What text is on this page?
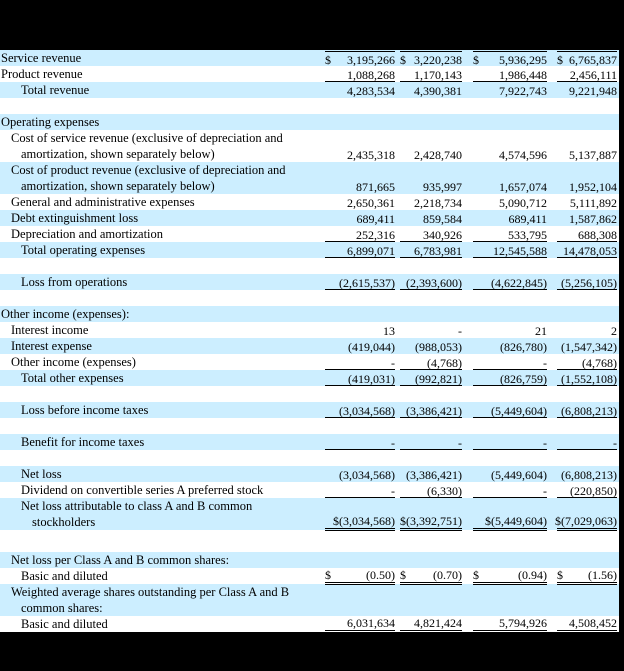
Service revenue	$ 3,195,266 $ 3,220,238 $ 5,936,295 $ 6,765,837
Product revenue	1,088,268 1,170,143	1,986,448 2,456,111
Total revenue	4,283,534 4,390,381	7,922,743 9,221,948
Operating expenses
Cost of service revenue (exclusive of depreciation and
amortization, shown separately below)	2,435,318 2,428,740	4,574,596 5,137,887
Cost of product revenue (exclusive of depreciation and
amortization, shown separately below)	871,665 935,997	1,657,074 1,952,104
General and administrative expenses	2,650,361 2,218,734	5,090,712 5,111,892
Debt extinguishment loss	689,411 859,584	689,411 1,587,862
Depreciation and amortization	252,316 340,926	533,795	688,308
Total operating expenses	6,899,071 6,783,981	12,545,588 14,478,053
Loss from operations	(2,615,537) (2,393,600) (4,622,845) (5,256,105)
Other income (expenses):
Interest income	13	-	21	2
Interest expense	(419,044) (988,053)	(826,780) (1,547,342)
Other income (expenses)	-	(4,768)	-	(4,768)
Total other expenses	(419,031) (992,821)	(826,759) (1,552,108)
Loss before income taxes	(3,034,568) (3,386,421) (5,449,604) (6,808,213)
Benefit for income taxes	-	-	-	-
Net loss	(3,034,568) (3,386,421) (5,449,604) (6,808,213)
Dividend on convertible series A preferred stock	-	(6,330)	- (220,850)
Net loss attributable to class A and B common
stockholders	$(3,034,568) $(3,392,751) $(5,449,604) $(7,029,063)
Net loss per Class A and B common shares:
Basic and diluted	$	(0.50) $ (0.70) $	(0.94) $ (1.56)
Weighted average shares outstanding per Class A and B
common shares:
Basic and diluted	6,031,634 4,821,424	5,794,926 4,508,452
